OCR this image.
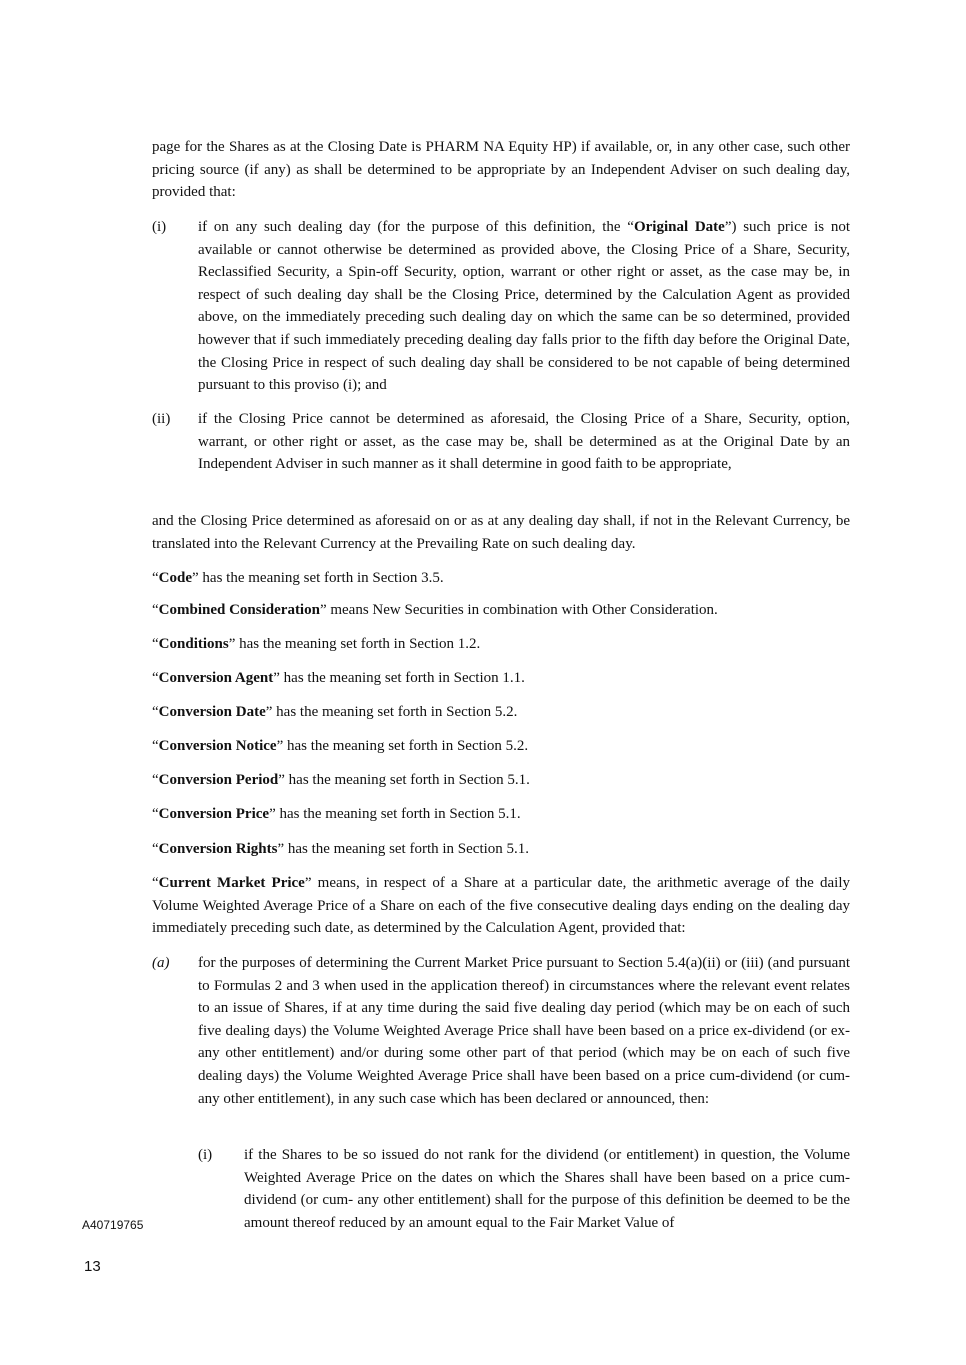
page for the Shares as at the Closing Date is PHARM NA Equity HP) if available, or, in any other case, such other pricing source (if any) as shall be determined to be appropriate by an Independent Adviser on such dealing day, provided that:

(i) if on any such dealing day (for the purpose of this definition, the “Original Date”) such price is not available or cannot otherwise be determined as provided above, the Closing Price of a Share, Security, Reclassified Security, a Spin-off Security, option, warrant or other right or asset, as the case may be, in respect of such dealing day shall be the Closing Price, determined by the Calculation Agent as provided above, on the immediately preceding such dealing day on which the same can be so determined, provided however that if such immediately preceding dealing day falls prior to the fifth day before the Original Date, the Closing Price in respect of such dealing day shall be considered to be not capable of being determined pursuant to this proviso (i); and
(ii) if the Closing Price cannot be determined as aforesaid, the Closing Price of a Share, Security, option, warrant, or other right or asset, as the case may be, shall be determined as at the Original Date by an Independent Adviser in such manner as it shall determine in good faith to be appropriate,

and the Closing Price determined as aforesaid on or as at any dealing day shall, if not in the Relevant Currency, be translated into the Relevant Currency at the Prevailing Rate on such dealing day.

“Code” has the meaning set forth in Section 3.5.

“Combined Consideration” means New Securities in combination with Other Consideration.

“Conditions” has the meaning set forth in Section 1.2.

“Conversion Agent” has the meaning set forth in Section 1.1.

“Conversion Date” has the meaning set forth in Section 5.2.

“Conversion Notice” has the meaning set forth in Section 5.2.

“Conversion Period” has the meaning set forth in Section 5.1.

“Conversion Price” has the meaning set forth in Section 5.1.

“Conversion Rights” has the meaning set forth in Section 5.1.

“Current Market Price” means, in respect of a Share at a particular date, the arithmetic average of the daily Volume Weighted Average Price of a Share on each of the five consecutive dealing days ending on the dealing day immediately preceding such date, as determined by the Calculation Agent, provided that:

(a) for the purposes of determining the Current Market Price pursuant to Section 5.4(a)(ii) or (iii) (and pursuant to Formulas 2 and 3 when used in the application thereof) in circumstances where the relevant event relates to an issue of Shares, if at any time during the said five dealing day period (which may be on each of such five dealing days) the Volume Weighted Average Price shall have been based on a price ex-dividend (or ex- any other entitlement) and/or during some other part of that period (which may be on each of such five dealing days) the Volume Weighted Average Price shall have been based on a price cum-dividend (or cum- any other entitlement), in any such case which has been declared or announced, then:
(i) if the Shares to be so issued do not rank for the dividend (or entitlement) in question, the Volume Weighted Average Price on the dates on which the Shares shall have been based on a price cum-dividend (or cum- any other entitlement) shall for the purpose of this definition be deemed to be the amount thereof reduced by an amount equal to the Fair Market Value of
A40719765
13
